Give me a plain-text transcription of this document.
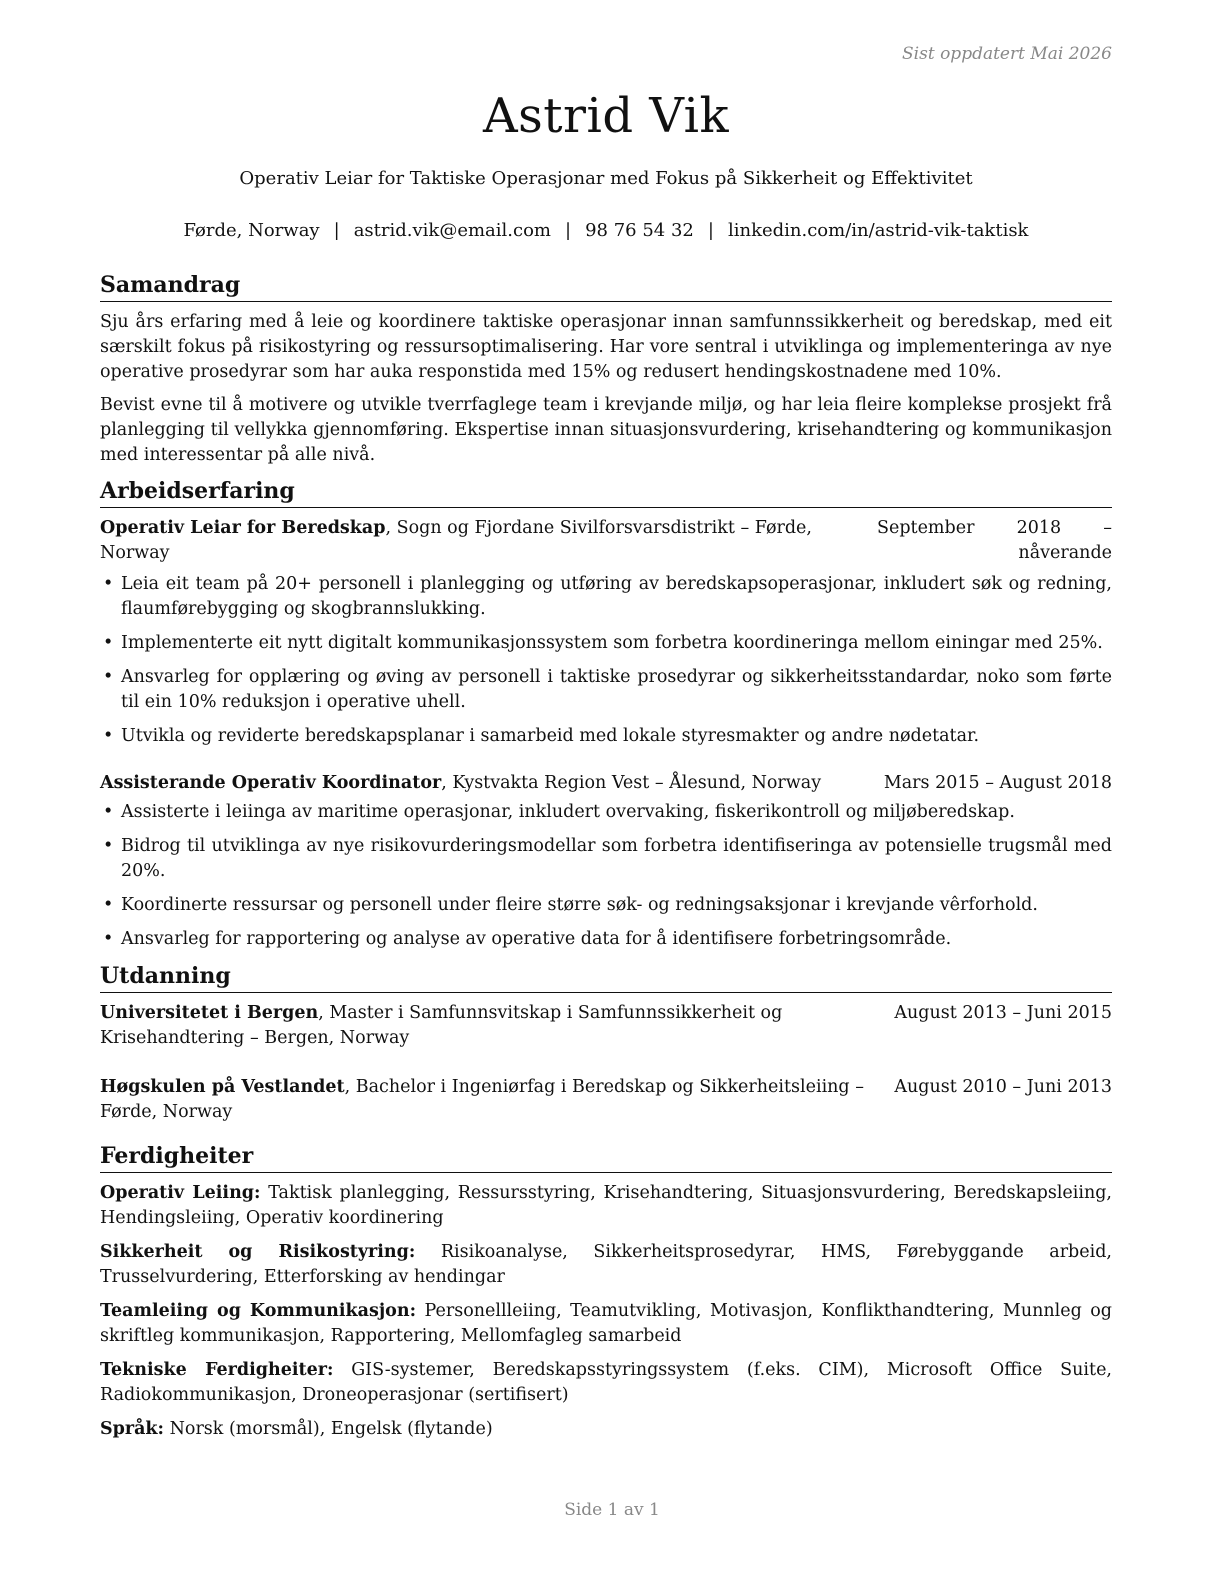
Sist oppdatert Mai 2026
Astrid Vik
Operativ Leiar for Taktiske Operasjonar med Fokus på Sikkerheit og Effektivitet
Førde, Norway | astrid.vik@email.com | 98 76 54 32 | linkedin.com/in/astrid-vik-taktisk
Samandrag

Sju års erfaring med å leie og koordinere taktiske operasjonar innan samfunnssikkerheit og beredskap, med eit særskilt fokus på risikostyring og ressursoptimalisering. Har vore sentral i utviklinga og implementeringa av nye operative prosedyrar som har auka responstida med 15% og redusert hendingskostnadene med 10%.

Bevist evne til å motivere og utvikle tverrfaglege team i krevjande miljø, og har leia fleire komplekse prosjekt frå planlegging til vellykka gjennomføring. Ekspertise innan situasjonsvurdering, krisehandtering og kommunikasjon med interessentar på alle nivå.

Arbeidserfaring
Operativ Leiar for Beredskap, Sogn og Fjordane Sivilforsvarsdistrikt – Førde, Norway
September 2018 – nåverande
• Leia eit team på 20+ personell i planlegging og utføring av beredskapsoperasjonar, inkludert søk og redning, flaumførebygging og skogbrannslukking.
• Implementerte eit nytt digitalt kommunikasjonssystem som forbetra koordineringa mellom einingar med 25%.
• Ansvarleg for opplæring og øving av personell i taktiske prosedyrar og sikkerheitsstandardar, noko som førte til ein 10% reduksjon i operative uhell.
• Utvikla og reviderte beredskapsplanar i samarbeid med lokale styresmakter og andre nødetatar.
Assisterande Operativ Koordinator, Kystvakta Region Vest – Ålesund, Norway	Mars 2015 – August 2018
• Assisterte i leiinga av maritime operasjonar, inkludert overvaking, fiskerikontroll og miljøberedskap.
• Bidrog til utviklinga av nye risikovurderingsmodellar som forbetra identifiseringa av potensielle trugsmål med 20%.
• Koordinerte ressursar og personell under fleire større søk- og redningsaksjonar i krevjande vêrforhold.
• Ansvarleg for rapportering og analyse av operative data for å identifisere forbetringsområde.
Utdanning
Universitetet i Bergen, Master i Samfunnsvitskap i Samfunnssikkerheit og Krisehandtering – Bergen, Norway
August 2013 – Juni 2015
Høgskulen på Vestlandet, Bachelor i Ingeniørfag i Beredskap og Sikkerheitsleiing – Førde, Norway
August 2010 – Juni 2013
Ferdigheiter
Operativ Leiing: Taktisk planlegging, Ressursstyring, Krisehandtering, Situasjonsvurdering, Beredskapsleiing, Hendingsleiing, Operativ koordinering
Sikkerheit og Risikostyring: Risikoanalyse, Sikkerheitsprosedyrar, HMS, Førebyggande arbeid, Trusselvurdering, Etterforsking av hendingar
Teamleiing og Kommunikasjon: Personellleiing, Teamutvikling, Motivasjon, Konflikthandtering, Munnleg og skriftleg kommunikasjon, Rapportering, Mellomfagleg samarbeid
Tekniske Ferdigheiter: GIS-systemer, Beredskapsstyringssystem (f.eks. CIM), Microsoft Office Suite, Radiokommunikasjon, Droneoperasjonar (sertifisert)
Språk: Norsk (morsmål), Engelsk (flytande)
Side 1 av 1
